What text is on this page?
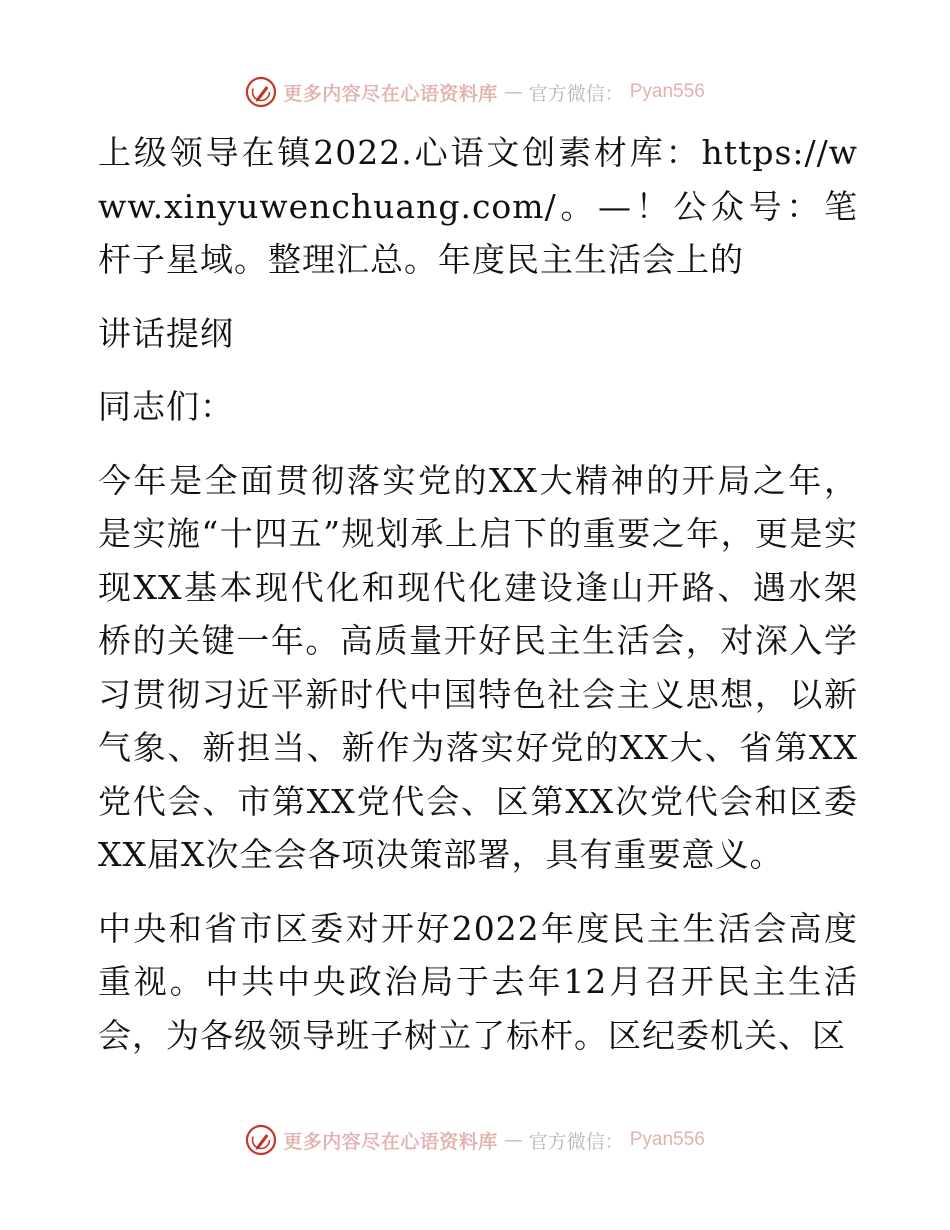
更多内容尽在心语资料库 — 官方微信： Pyan556

上级领导在镇2022.心语文创素材库：https://www.xinyuwenchuang.com/。—！公众号：笔杆子星域。整理汇总。年度民主生活会上的

讲话提纲

同志们：

今年是全面贯彻落实党的XX大精神的开局之年，是实施“十四五”规划承上启下的重要之年，更是实现XX基本现代化和现代化建设逢山开路、遇水架桥的关键一年。高质量开好民主生活会，对深入学习贯彻习近平新时代中国特色社会主义思想，以新气象、新担当、新作为落实好党的XX大、省第XX党代会、市第XX党代会、区第XX次党代会和区委XX届X次全会各项决策部署，具有重要意义。

中央和省市区委对开好2022年度民主生活会高度重视。中共中央政治局于去年12月召开民主生活会，为各级领导班子树立了标杆。区纪委机关、区

更多内容尽在心语资料库 — 官方微信： Pyan556
